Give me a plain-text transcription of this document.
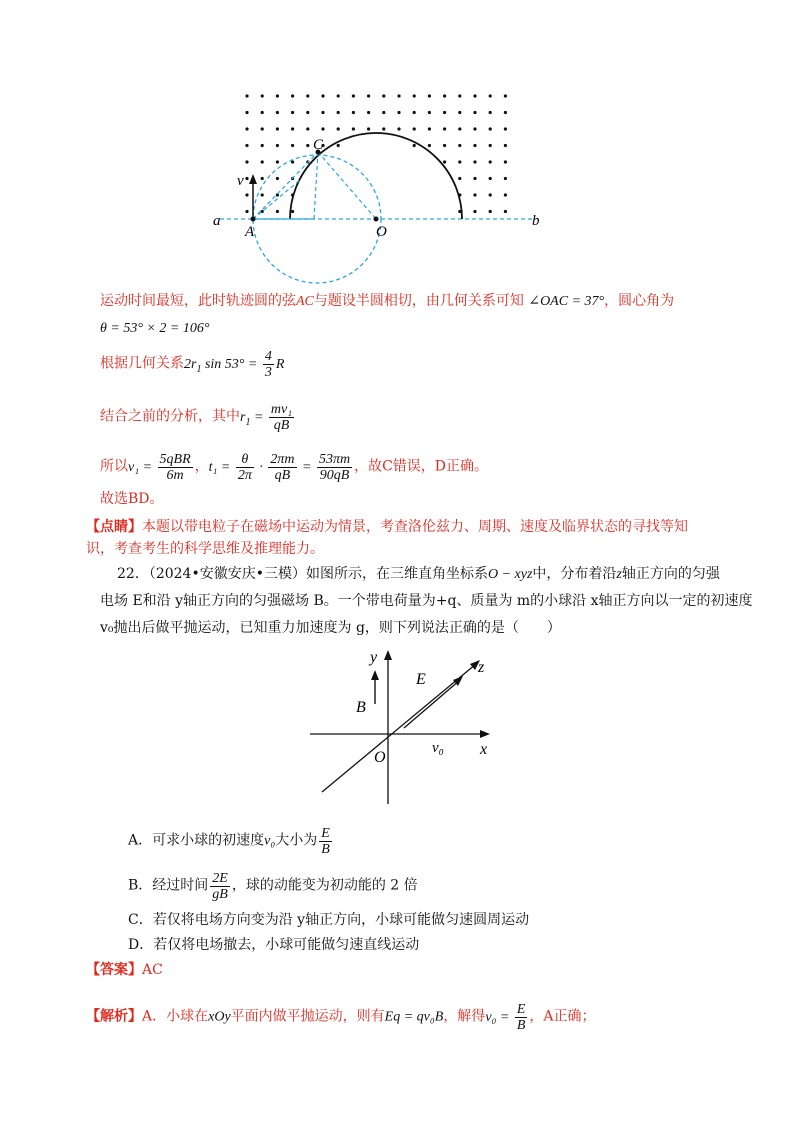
a
A	O
b
C
v
运动时间最短，此时轨迹圆的弦AC与题设半圆相切，由几何关系可知 ∠OAC = 37°，圆心角为
θ = 53° × 2 = 106°
根据几何关系$2r_1$ $\sin 53^\circ = \frac{4}{3}$ R
结合之前的分析，其中$r_1 = \frac{\text{mv₁}}{qB}$
所以$v_1 = \frac{\text{5qBR}}{6m}$ ，$t_1 = \frac{\theta}{2\pi} \cdot \frac{2\pi m}{qB} = \frac{53\pi m}{90qB}$ ，故C错误，D正确。
故选BD。
【点睛】本题以带电粒子在磁场中运动为情景，考查洛伦兹力、周期、速度及临界状态的寻找等知
识，考查考生的科学思维及推理能力。
22．（2024•安徽安庆•三模）如图所示，在三维直角坐标系O − xyz中，分布着沿z轴正方向的匀强
电场 E和沿 y轴正方向的匀强磁场 B。一个带电荷量为+q、质量为 m的小球沿 x轴正方向以一定的初速度
v₀抛出后做平抛运动，已知重力加速度为 g，则下列说法正确的是（　　）
y
E
z
B
O
v₀ x
A．可求小球的初速度v₀大小为 $\frac{E}{B}$
B．经过时间 $\frac{2E}{gB}$ ，球的动能变为初动能的 2 倍
C．若仅将电场方向变为沿 y轴正方向，小球可能做匀速圆周运动
D．若仅将电场撤去，小球可能做匀速直线运动
【答案】AC
【解析】A．小球在xOy平面内做平抛运动，则有Eq = qv₀B，解得$v_0 = \frac{E}{B}$ ，A正确；
